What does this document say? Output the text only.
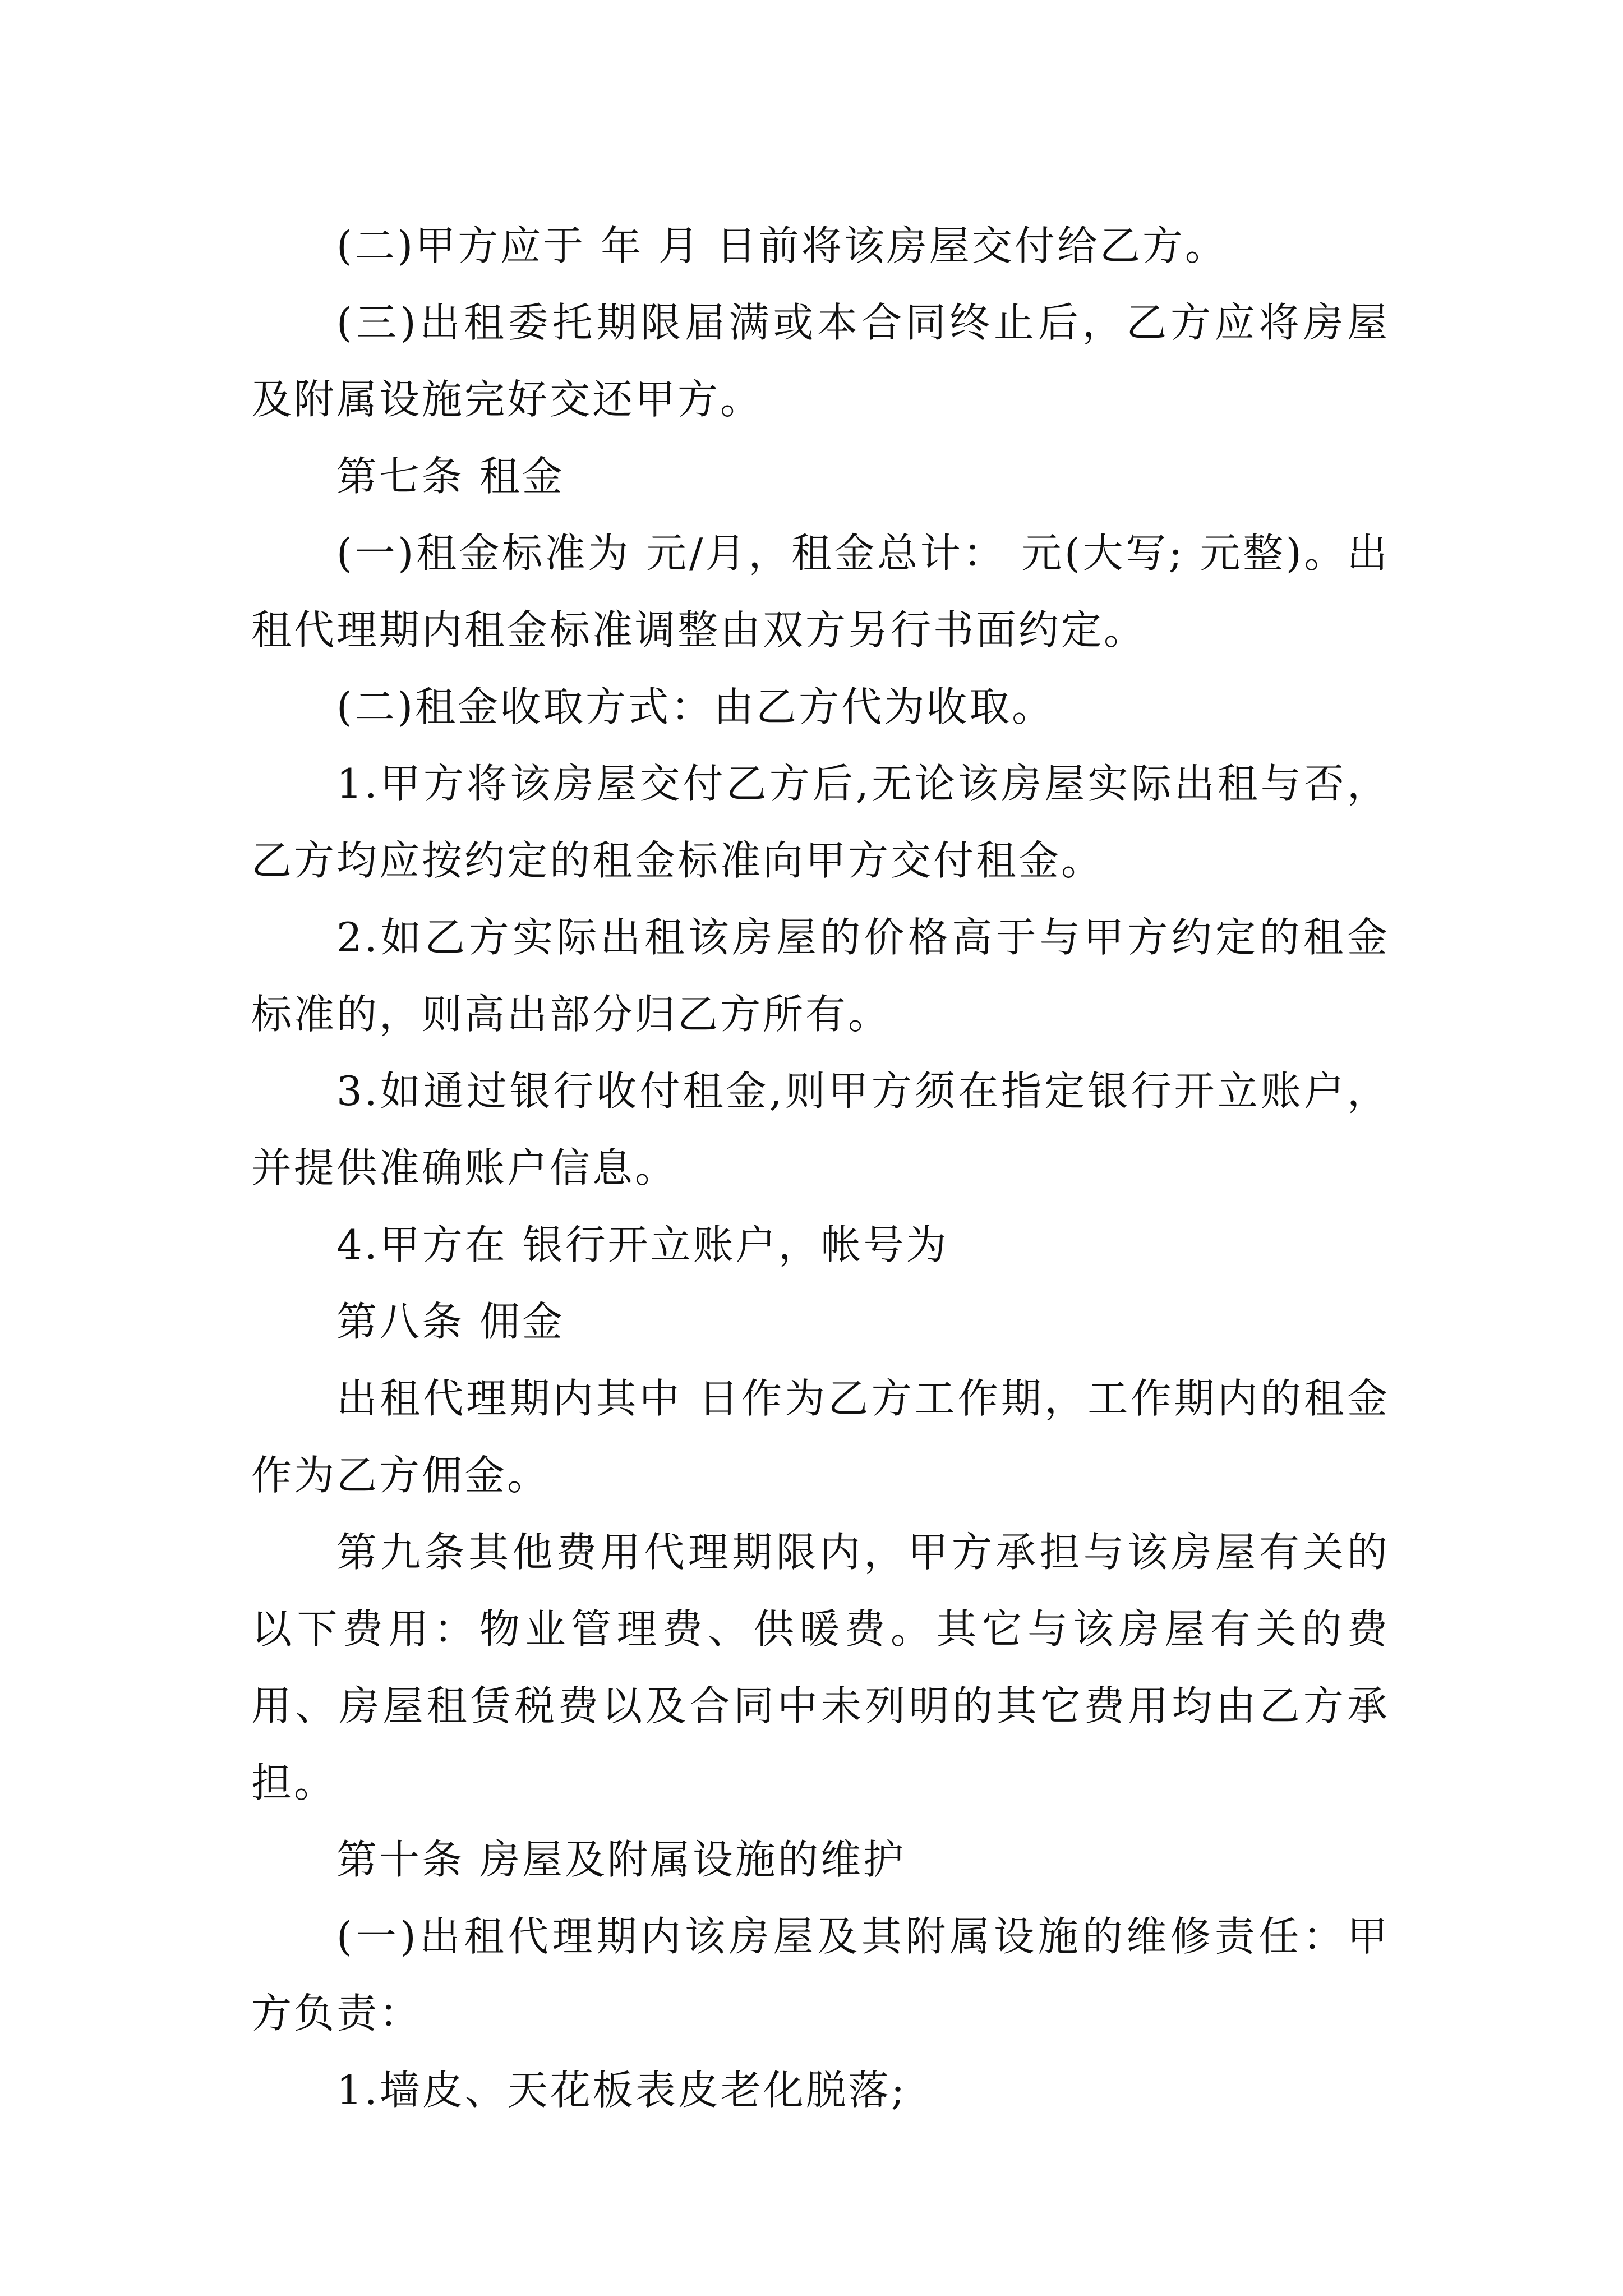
(二)甲方应于 年 月 日前将该房屋交付给乙方。

(三)出租委托期限届满或本合同终止后，乙方应将房屋及附属设施完好交还甲方。

第七条 租金

(一)租金标准为 元/月，租金总计： 元(大写; 元整)。出租代理期内租金标准调整由双方另行书面约定。

(二)租金收取方式：由乙方代为收取。

1.甲方将该房屋交付乙方后,无论该房屋实际出租与否，乙方均应按约定的租金标准向甲方交付租金。

2.如乙方实际出租该房屋的价格高于与甲方约定的租金标准的，则高出部分归乙方所有。

3.如通过银行收付租金,则甲方须在指定银行开立账户，并提供准确账户信息。

4.甲方在 银行开立账户，帐号为

第八条 佣金

出租代理期内其中 日作为乙方工作期，工作期内的租金作为乙方佣金。

第九条其他费用代理期限内，甲方承担与该房屋有关的以下费用：物业管理费、供暖费。其它与该房屋有关的费用、房屋租赁税费以及合同中未列明的其它费用均由乙方承担。

第十条 房屋及附属设施的维护

(一)出租代理期内该房屋及其附属设施的维修责任：甲方负责：

1.墙皮、天花板表皮老化脱落;
